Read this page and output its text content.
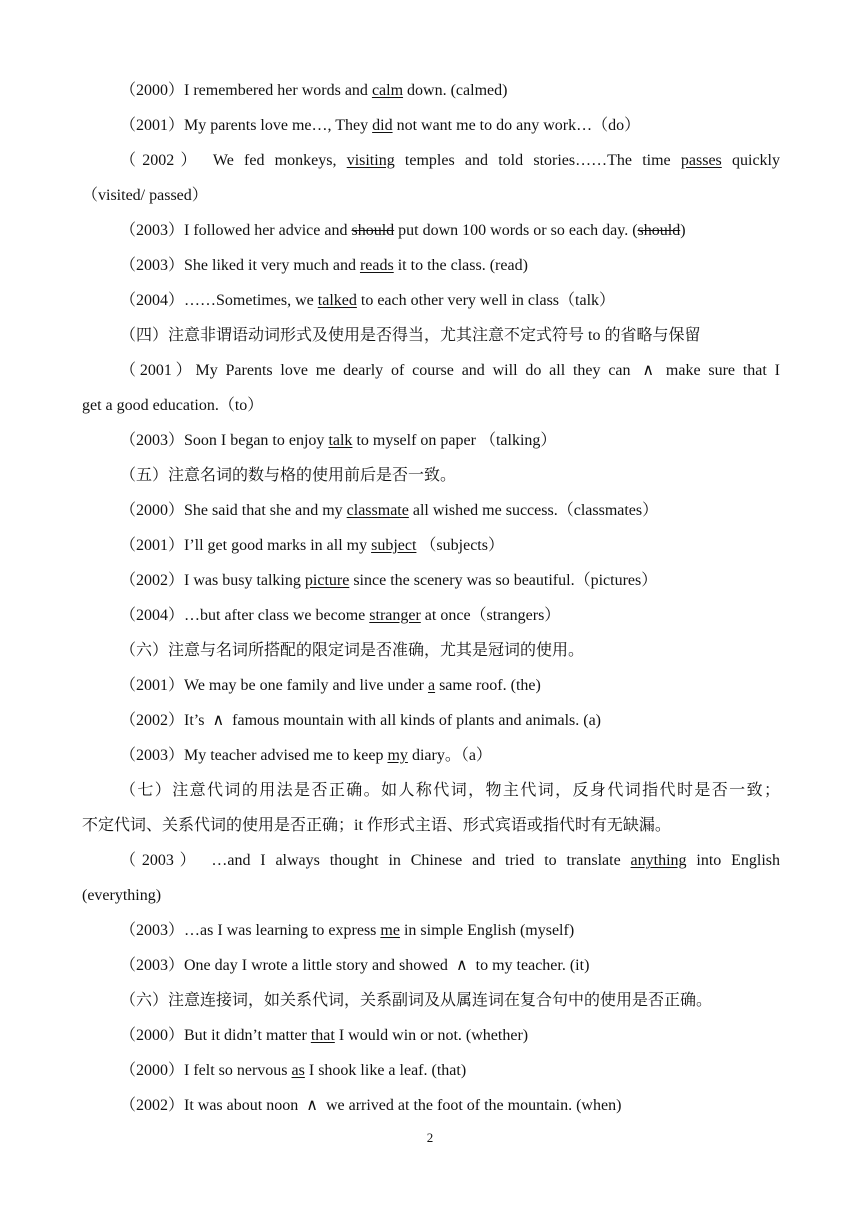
（2000）I remembered her words and calm down. (calmed)
（2001）My parents love me…, They did not want me to do any work…（do）
（2002） We fed monkeys, visiting temples and told stories……The time passes quickly
（visited/ passed）
（2003）I followed her advice and should put down 100 words or so each day. (should)
（2003）She liked it very much and reads it to the class. (read)
（2004）……Sometimes, we talked to each other very well in class（talk）
（四）注意非谓语动词形式及使用是否得当，尤其注意不定式符号 to 的省略与保留
（2001）My Parents love me dearly of course and will do all they can ∧ make sure that I
get a good education.（to）
（2003）Soon I began to enjoy talk to myself on paper （talking）
（五）注意名词的数与格的使用前后是否一致。
（2000）She said that she and my classmate all wished me success.（classmates）
（2001）I’ll get good marks in all my subject （subjects）
（2002）I was busy talking picture since the scenery was so beautiful.（pictures）
（2004）…but after class we become stranger at once（strangers）
（六）注意与名词所搭配的限定词是否准确，尤其是冠词的使用。
（2001）We may be one family and live under a same roof. (the)
（2002）It’s ∧ famous mountain with all kinds of plants and animals. (a)
（2003）My teacher advised me to keep my diary。（a）
（七）注意代词的用法是否正确。如人称代词，物主代词，反身代词指代时是否一致；
不定代词、关系代词的使用是否正确；it 作形式主语、形式宾语或指代时有无缺漏。
（2003） …and I always thought in Chinese and tried to translate anything into English
(everything)
（2003）…as I was learning to express me in simple English (myself)
（2003）One day I wrote a little story and showed ∧ to my teacher. (it)
（六）注意连接词，如关系代词，关系副词及从属连词在复合句中的使用是否正确。
（2000）But it didn’t matter that I would win or not. (whether)
（2000）I felt so nervous as I shook like a leaf. (that)
（2002）It was about noon ∧ we arrived at the foot of the mountain. (when)
2
